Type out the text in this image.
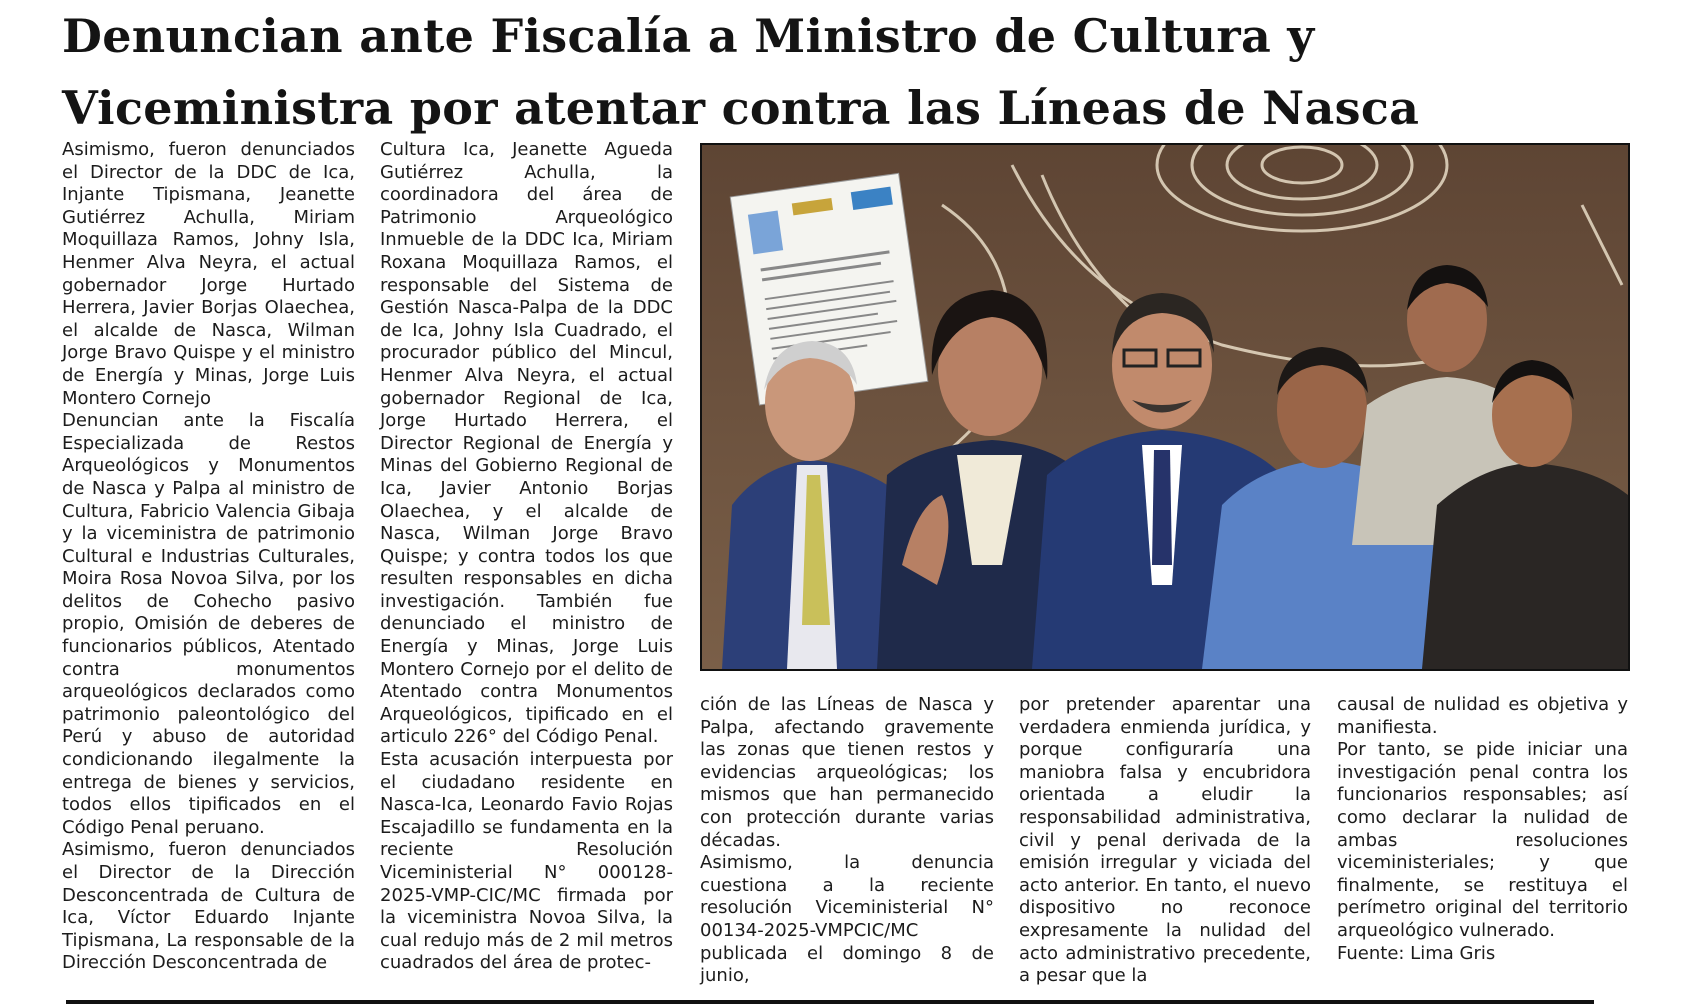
Denuncian ante Fiscalía a Ministro de Cultura y Viceministra por atentar contra las Líneas de Nasca

Asimismo, fueron denunciados el Director de la DDC de Ica, Injante Tipismana, Jeanette Gutiérrez Achulla, Miriam Moquillaza Ramos, Johny Isla, Henmer Alva Neyra, el actual gobernador Jorge Hurtado Herrera, Javier Borjas Olaechea, el alcalde de Nasca, Wilman Jorge Bravo Quispe y el ministro de Energía y Minas, Jorge Luis Montero Cornejo

Denuncian ante la Fiscalía Especializada de Restos Arqueológicos y Monumentos de Nasca y Palpa al ministro de Cultura, Fabricio Valencia Gibaja y la viceministra de patrimonio Cultural e Industrias Culturales, Moira Rosa Novoa Silva, por los delitos de Cohecho pasivo propio, Omisión de deberes de funcionarios públicos, Atentado contra monumentos arqueológicos declarados como patrimonio paleontológico del Perú y abuso de autoridad condicionando ilegalmente la entrega de bienes y servicios, todos ellos tipificados en el Código Penal peruano.

Asimismo, fueron denunciados el Director de la Dirección Desconcentrada de Cultura de Ica, Víctor Eduardo Injante Tipismana, La responsable de la Dirección Desconcentrada de

Cultura Ica, Jeanette Agueda Gutiérrez Achulla, la coordinadora del área de Patrimonio Arqueológico Inmueble de la DDC Ica, Miriam Roxana Moquillaza Ramos, el responsable del Sistema de Gestión Nasca-Palpa de la DDC de Ica, Johny Isla Cuadrado, el procurador público del Mincul, Henmer Alva Neyra, el actual gobernador Regional de Ica, Jorge Hurtado Herrera, el Director Regional de Energía y Minas del Gobierno Regional de Ica, Javier Antonio Borjas Olaechea, y el alcalde de Nasca, Wilman Jorge Bravo Quispe; y contra todos los que resulten responsables en dicha investigación. También fue denunciado el ministro de Energía y Minas, Jorge Luis Montero Cornejo por el delito de Atentado contra Monumentos Arqueológicos, tipificado en el articulo 226° del Código Penal.

Esta acusación interpuesta por el ciudadano residente en Nasca-Ica, Leonardo Favio Rojas Escajadillo se fundamenta en la reciente Resolución Viceministerial N° 000128-2025-VMP-CIC/MC firmada por la viceministra Novoa Silva, la cual redujo más de 2 mil metros cuadrados del área de protec-

ción de las Líneas de Nasca y Palpa, afectando gravemente las zonas que tienen restos y evidencias arqueológicas; los mismos que han permanecido con protección durante varias décadas.

Asimismo, la denuncia cuestiona a la reciente resolución Viceministerial N° 00134-2025-VMPCIC/MC publicada el domingo 8 de junio,

por pretender aparentar una verdadera enmienda jurídica, y porque configuraría una maniobra falsa y encubridora orientada a eludir la responsabilidad administrativa, civil y penal derivada de la emisión irregular y viciada del acto anterior. En tanto, el nuevo dispositivo no reconoce expresamente la nulidad del acto administrativo precedente, a pesar que la

causal de nulidad es objetiva y manifiesta.

Por tanto, se pide iniciar una investigación penal contra los funcionarios responsables; así como declarar la nulidad de ambas resoluciones viceministeriales; y que finalmente, se restituya el perímetro original del territorio arqueológico vulnerado.

Fuente: Lima Gris
